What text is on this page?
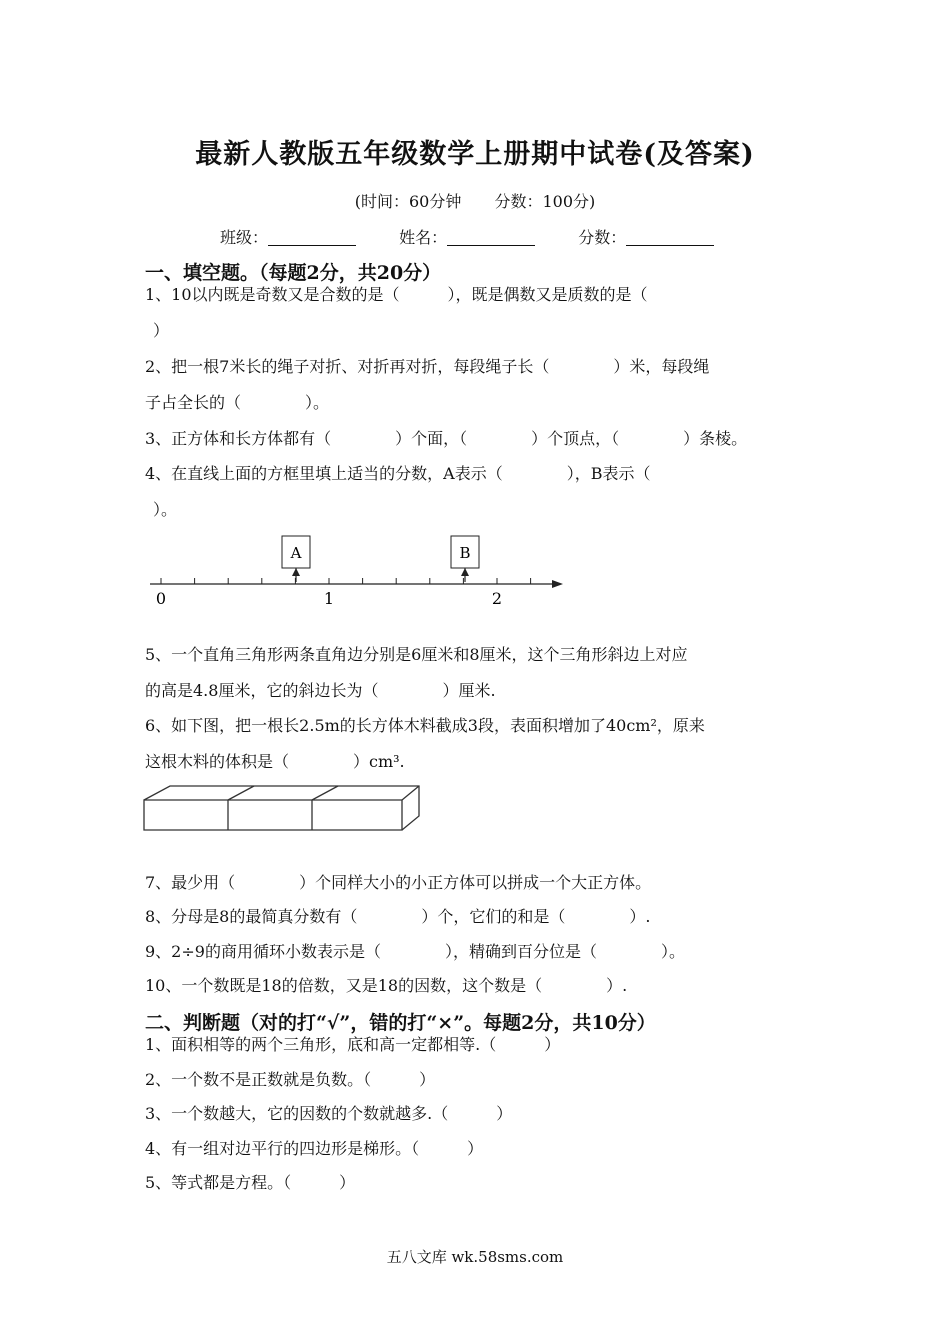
最新人教版五年级数学上册期中试卷(及答案)
(时间：60分钟 分数：100分)
班级：	姓名：	分数：
一、填空题。（每题2分，共20分）
1、10以内既是奇数又是合数的是（　　　），既是偶数又是质数的是（
）
2、把一根7米长的绳子对折、对折再对折，每段绳子长（　　　　）米，每段绳
子占全长的（　　　　）。
3、正方体和长方体都有（　　　　）个面，（　　　　）个顶点，（　　　　）条棱。
4、在直线上面的方框里填上适当的分数，A表示（　　　　），B表示（
）。
0	1	2
A	B
5、一个直角三角形两条直角边分别是6厘米和8厘米，这个三角形斜边上对应
的高是4.8厘米，它的斜边长为（　　　　）厘米.
6、如下图，把一根长2.5m的长方体木料截成3段，表面积增加了40cm²，原来
这根木料的体积是（　　　　）cm³.
7、最少用（　　　　）个同样大小的小正方体可以拼成一个大正方体。
8、分母是8的最简真分数有（　　　　）个，它们的和是（　　　　）.
9、2÷9的商用循环小数表示是（　　　　），精确到百分位是（　　　　）。
10、一个数既是18的倍数，又是18的因数，这个数是（　　　　）.
二、判断题（对的打“√”，错的打“×”。每题2分，共10分）
1、面积相等的两个三角形，底和高一定都相等.（　　　）
2、一个数不是正数就是负数。（　　　）
3、一个数越大，它的因数的个数就越多.（　　　）
4、有一组对边平行的四边形是梯形。（　　　）
5、等式都是方程。（　　　）
五八文库 wk.58sms.com
